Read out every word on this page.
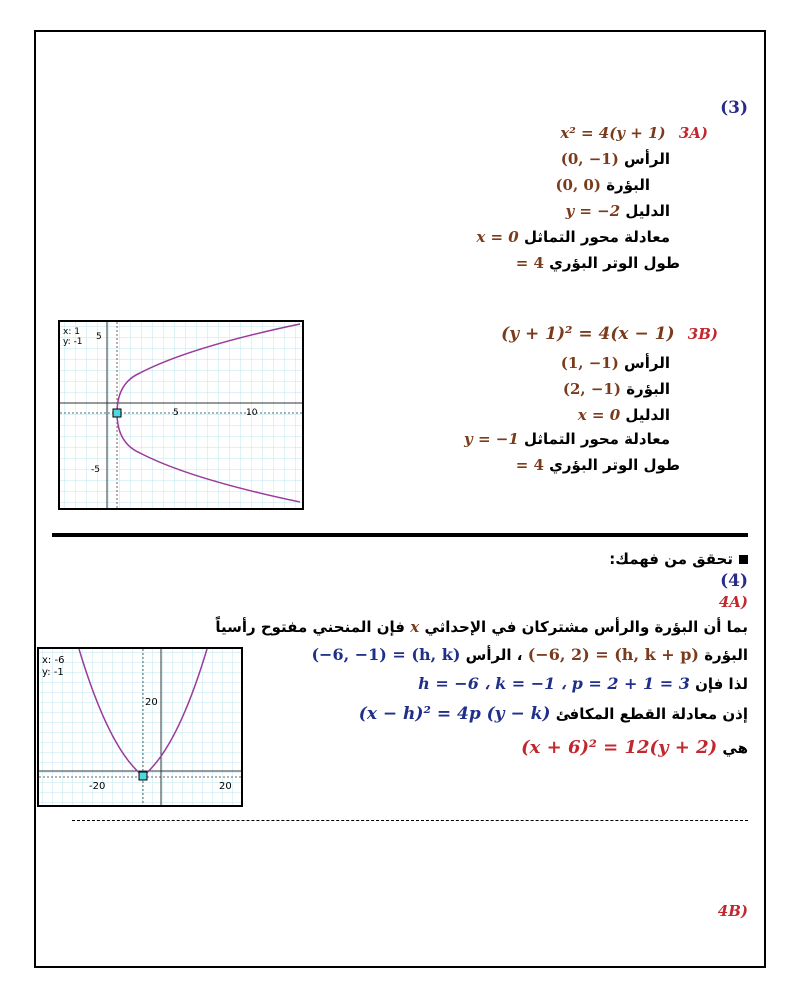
(3)
(3A x² = 4(y + 1)
الرأس (0, −1)
البؤرة (0, 0)
الدليل y = −2
معادلة محور التماثل x = 0
طول الوتر البؤري = 4
x: 1
y: -1 5
-5
5	10
(3B (y + 1)² = 4(x − 1)
الرأس (1, −1)
البؤرة (2, −1)
الدليل x = 0
معادلة محور التماثل y = −1
طول الوتر البؤري = 4
تحقق من فهمك:
(4)
(4A
بما أن البؤرة والرأس مشتركان في الإحداثي x فإن المنحني مفتوح رأسياً
البؤرة (−6, 2) = (h, k + p) ، الرأس (−6, −1) = (h, k)
لذا فإن h = −6 ، k = −1 ، p = 2 + 1 = 3
إذن معادلة القطع المكافئ (x − h)² = 4p (y − k)
هي (x + 6)² = 12(y + 2)
x: -6
y: -1
20
-20	20
(4B
